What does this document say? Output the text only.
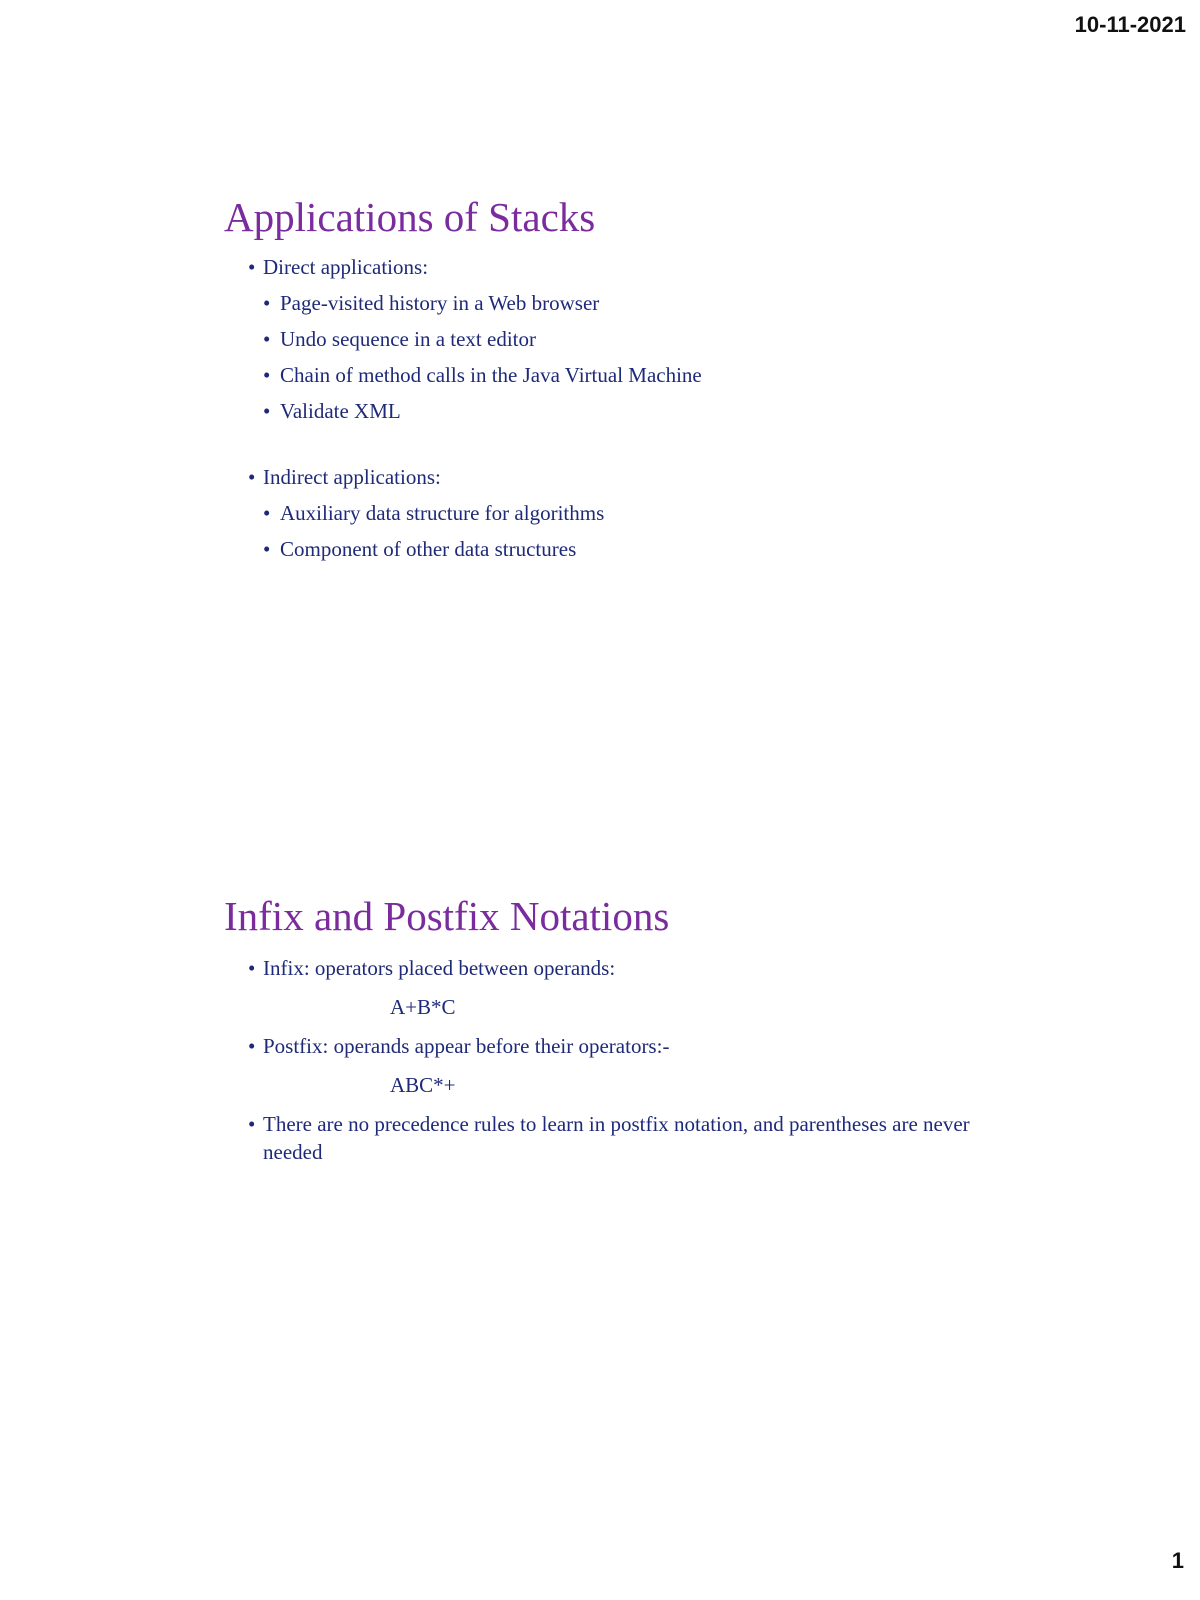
10-11-2021
Applications of Stacks
• Direct applications:
• Page-visited history in a Web browser
• Undo sequence in a text editor
• Chain of method calls in the Java Virtual Machine
• Validate XML
• Indirect applications:
• Auxiliary data structure for algorithms
• Component of other data structures
Infix and Postfix Notations
• Infix: operators placed between operands:
A+B*C
• Postfix: operands appear before their operators:-
ABC*+
• There are no precedence rules to learn in postfix notation, and parentheses are never needed
1
